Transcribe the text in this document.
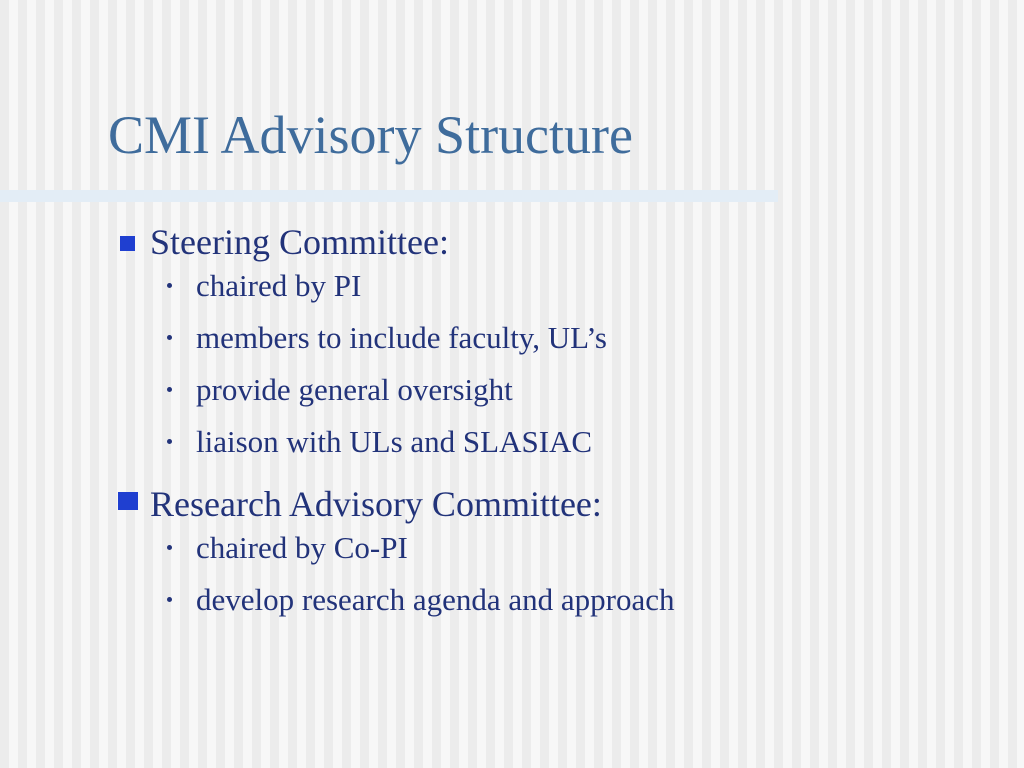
CMI Advisory Structure
Steering Committee:
chaired by PI
members to include faculty, UL’s
provide general oversight
liaison with ULs and SLASIAC
Research Advisory Committee:
chaired by Co-PI
develop research agenda and approach
